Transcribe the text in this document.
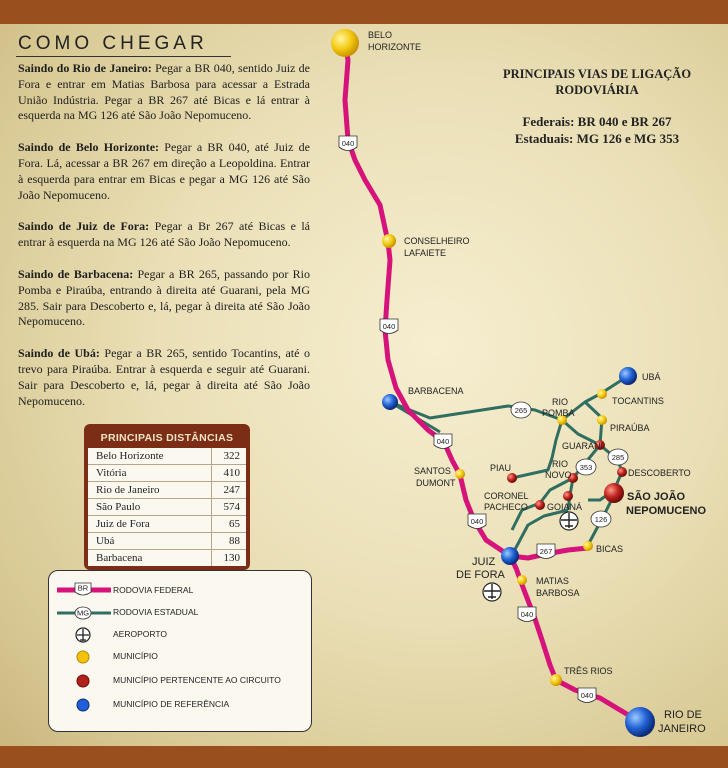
COMO CHEGAR

Saindo do Rio de Janeiro: Pegar a BR 040, sentido Juiz de Fora e entrar em Matias Barbosa para acessar a Estrada União Indústria. Pegar a BR 267 até Bicas e lá entrar à esquerda na MG 126 até São João Nepomuceno.

Saindo de Belo Horizonte: Pegar a BR 040, até Juiz de Fora. Lá, acessar a BR 267 em direção a Leopoldina. Entrar à esquerda para entrar em Bicas e pegar a MG 126 até São João Nepomuceno.

Saindo de Juiz de Fora: Pegar a Br 267 até Bicas e lá entrar à esquerda na MG 126 até São João Nepomuceno.

Saindo de Barbacena: Pegar a BR 265, passando por Rio Pomba e Piraúba, entrando à direita até Guarani, pela MG 285. Sair para Descoberto e, lá, pegar à direita até São João Nepomuceno.

Saindo de Ubá: Pegar a BR 265, sentido Tocantins, até o trevo para Piraúba. Entrar à esquerda e seguir até Guarani. Sair para Descoberto e, lá, pegar à direita até São João Nepomuceno.

PRINCIPAIS DISTÂNCIAS
Belo Horizonte	322
Vitória	410
Rio de Janeiro	247
São Paulo	574
Juiz de Fora	65
Ubá	88
Barbacena	130
BR	RODOVIA FEDERAL
MG	RODOVIA ESTADUAL
AEROPORTO
MUNICÍPIO
MUNICÍPIO PERTENCENTE AO CIRCUITO
MUNICÍPIO DE REFERÊNCIA
PRINCIPAIS VIAS DE LIGAÇÃO
RODOVIÁRIA
Federais: BR 040 e BR 267
Estaduais: MG 126 e MG 353
040
040
040
040
040
040
265
267
353
285
126
BELO HORIZONTE
CONSELHEIRO LAFAIETE
BARBACENA
UBÁ
TOCANTINS
RIO POMBA
PIRAÚBA
GUARANI
RIO NOVO
PIAU	DESCOBERTO
SÃO JOÃO NEPOMUCENO
SANTOS DUMONT
CORONEL PACHECO GOIANÁ
JUIZ DE FORA
BICAS
MATIAS BARBOSA
TRÊS RIOS
RIO DE JANEIRO
